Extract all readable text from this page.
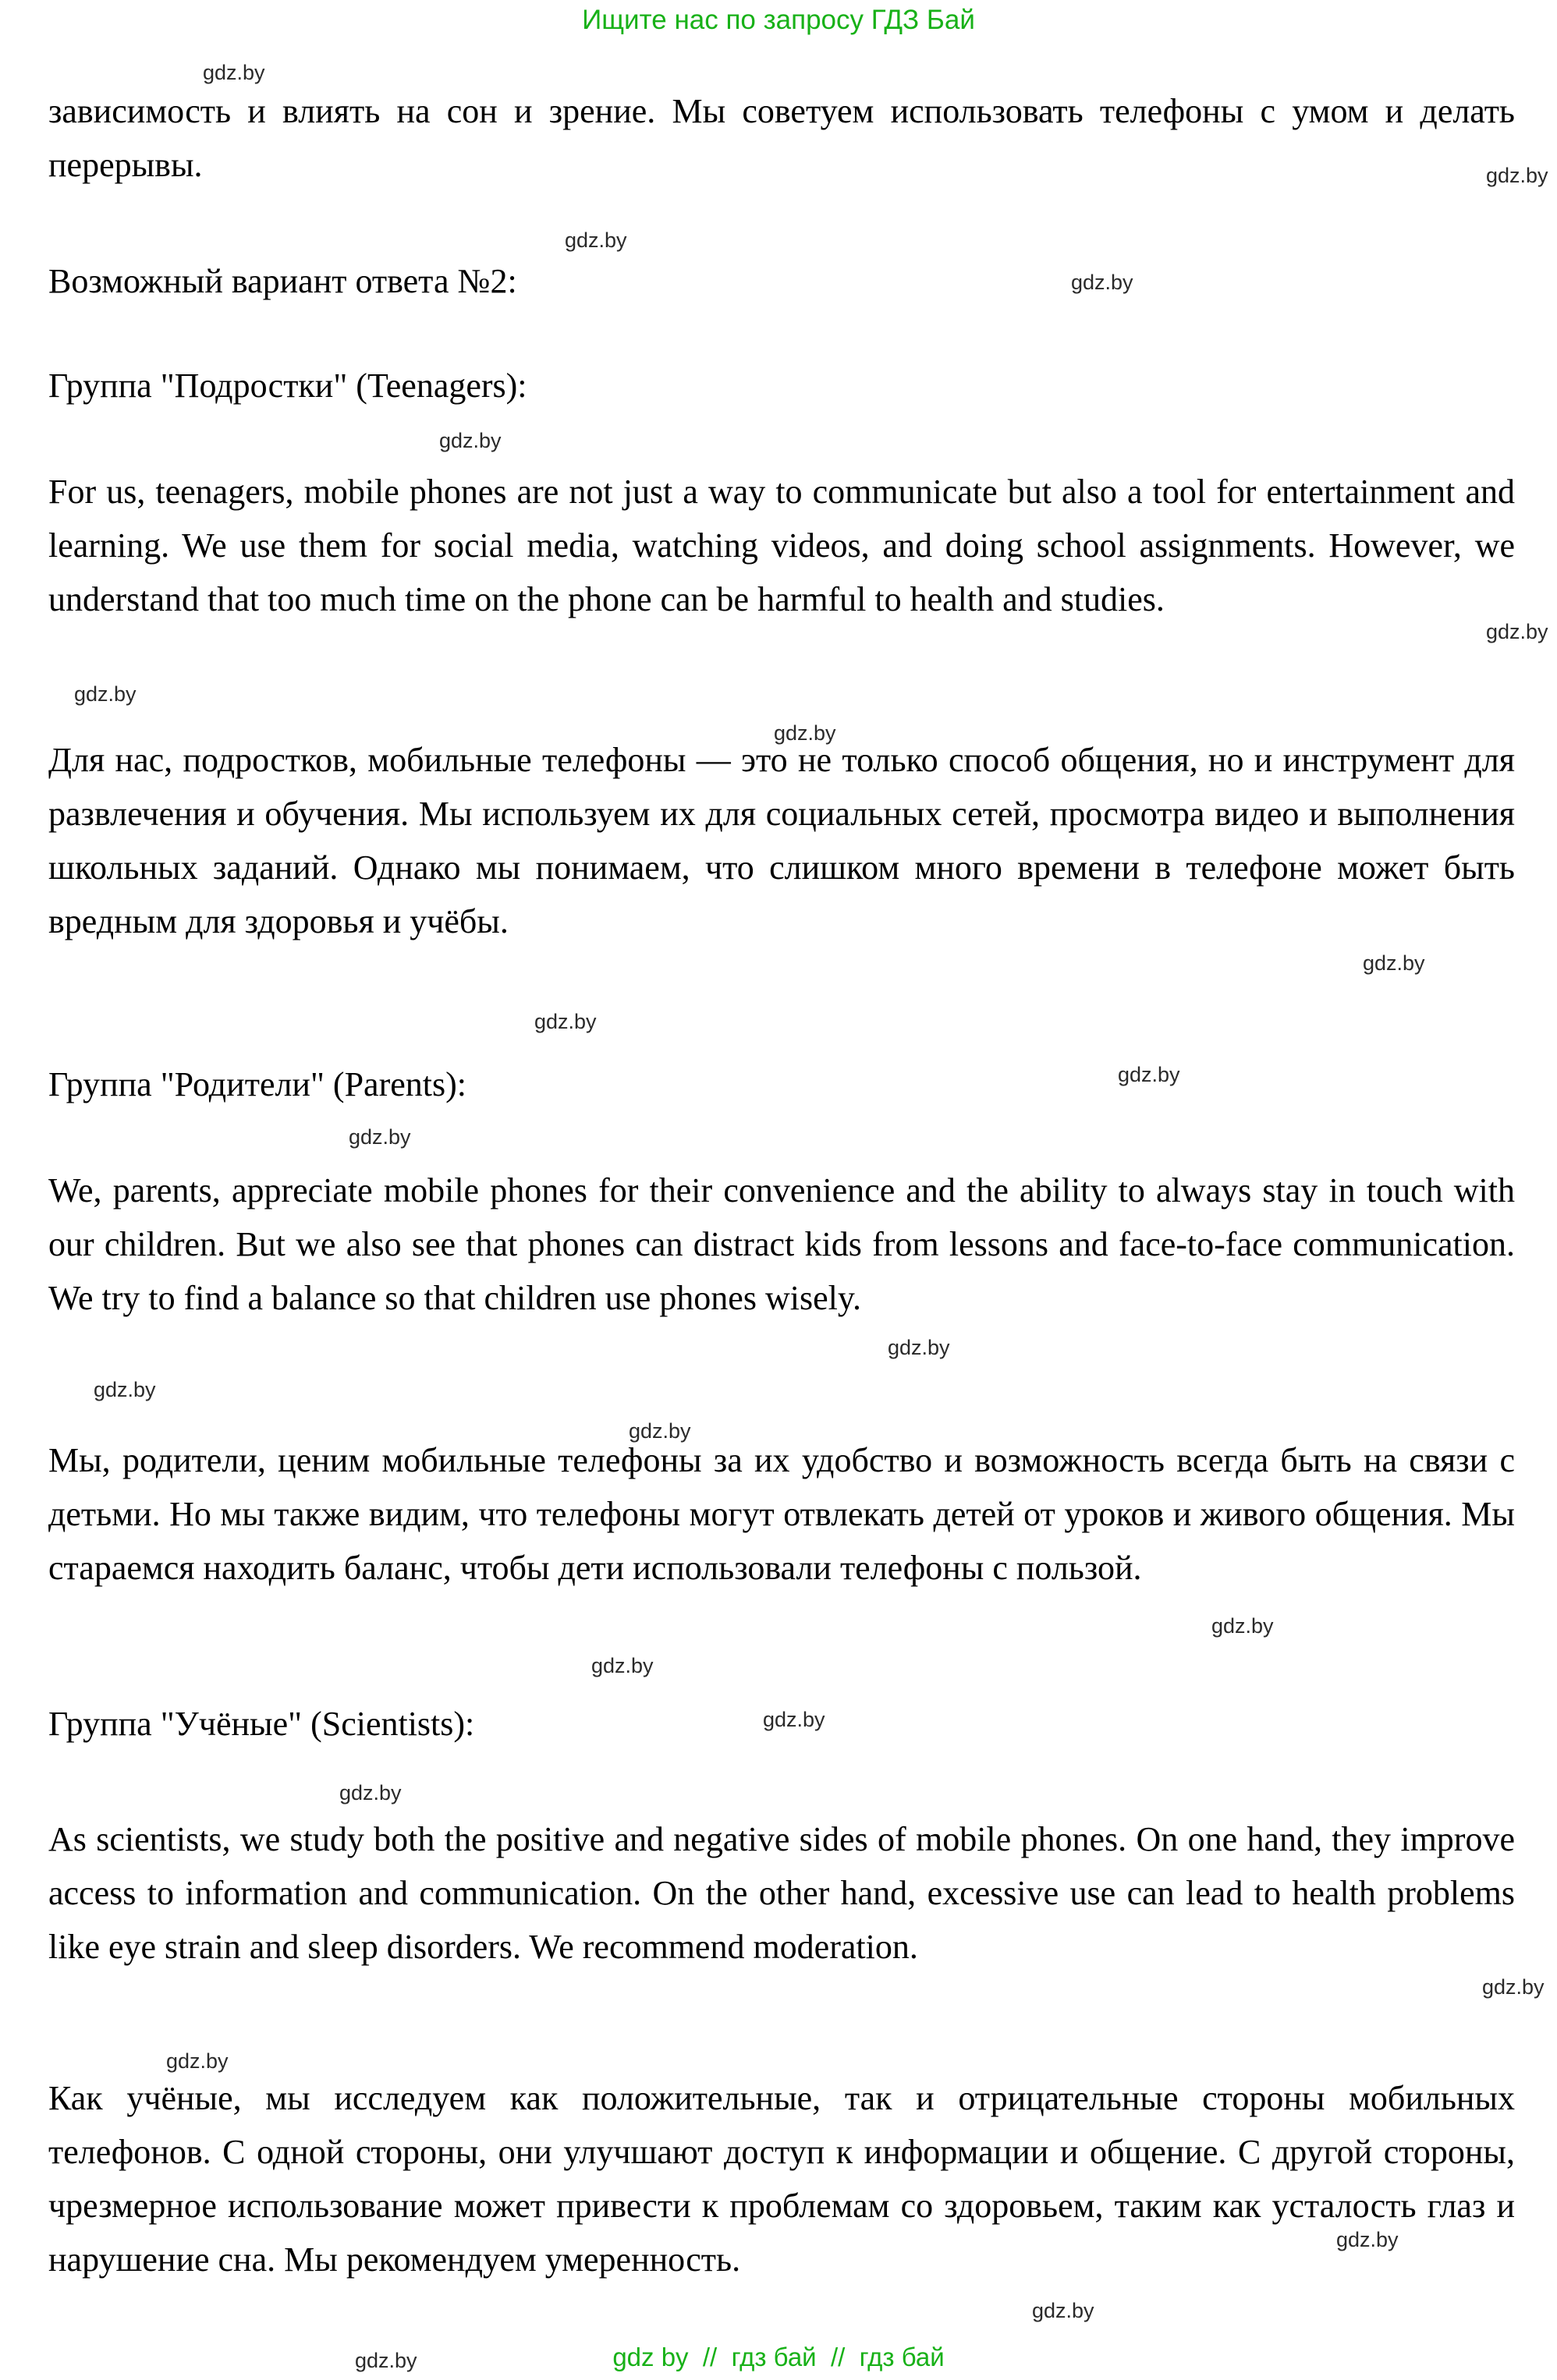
Ищите нас по запросу ГДЗ Бай
gdz.by
gdz.by
gdz.by
gdz.by
gdz.by
gdz.by
gdz.by
gdz.by
gdz.by
gdz.by
gdz.by
gdz.by
gdz.by
gdz.by
gdz.by
gdz.by
gdz.by
gdz.by
gdz.by
gdz.by
gdz.by
gdz.by
gdz.by
gdz.by
зависимость и влиять на сон и зрение. Мы советуем использовать телефоны с умом и делать перерывы.
Возможный вариант ответа №2:
Группа "Подростки" (Teenagers):
For us, teenagers, mobile phones are not just a way to communicate but also a tool for entertainment and learning. We use them for social media, watching videos, and doing school assignments. However, we understand that too much time on the phone can be harmful to health and studies.
Для нас, подростков, мобильные телефоны — это не только способ общения, но и инструмент для развлечения и обучения. Мы используем их для социальных сетей, просмотра видео и выполнения школьных заданий. Однако мы понимаем, что слишком много времени в телефоне может быть вредным для здоровья и учёбы.
Группа "Родители" (Parents):
We, parents, appreciate mobile phones for their convenience and the ability to always stay in touch with our children. But we also see that phones can distract kids from lessons and face-to-face communication. We try to find a balance so that children use phones wisely.
Мы, родители, ценим мобильные телефоны за их удобство и возможность всегда быть на связи с детьми. Но мы также видим, что телефоны могут отвлекать детей от уроков и живого общения. Мы стараемся находить баланс, чтобы дети использовали телефоны с пользой.
Группа "Учёные" (Scientists):
As scientists, we study both the positive and negative sides of mobile phones. On one hand, they improve access to information and communication. On the other hand, excessive use can lead to health problems like eye strain and sleep disorders. We recommend moderation.
Как учёные, мы исследуем как положительные, так и отрицательные стороны мобильных телефонов. С одной стороны, они улучшают доступ к информации и общение. С другой стороны, чрезмерное использование может привести к проблемам со здоровьем, таким как усталость глаз и нарушение сна. Мы рекомендуем умеренность.
gdz by  //  гдз бай  //  гдз бай
